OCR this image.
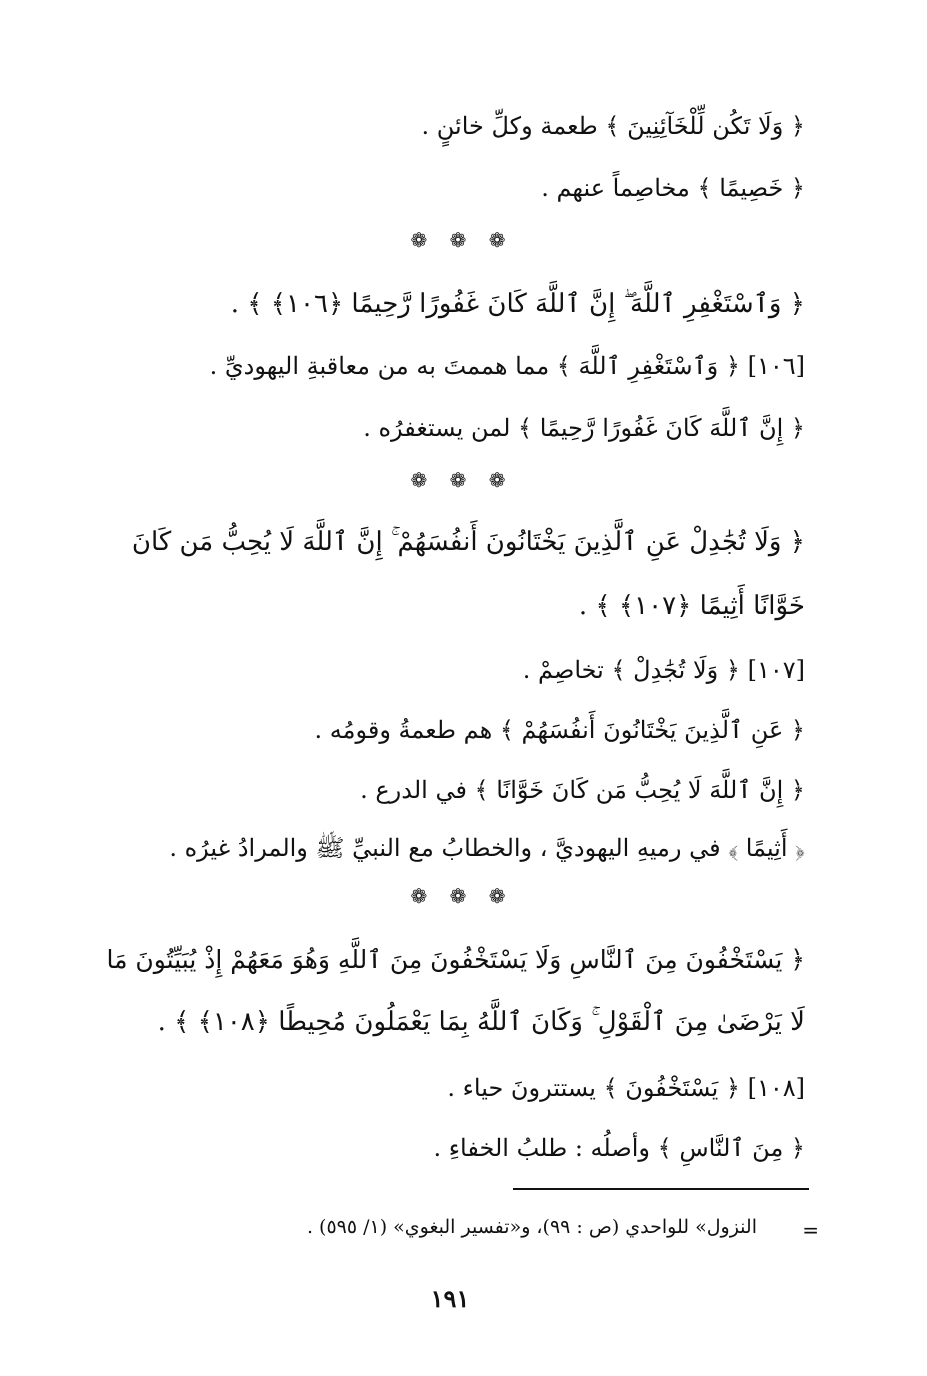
﴿ وَلَا تَكُن لِّلْخَآئِنِينَ ﴾ طعمة وكلِّ خائنٍ .
﴿ خَصِيمًا ﴾ مخاصِماً عنهم .
❁ ❁ ❁
﴿ وَٱسْتَغْفِرِ ٱللَّهَ ۖ إِنَّ ٱللَّهَ كَانَ غَفُورًا رَّحِيمًا ﴿١٠٦﴾ ﴾ .
[١٠٦] ﴿ وَٱسْتَغْفِرِ ٱللَّهَ ﴾ مما هممتَ به من معاقبةِ اليهوديِّ .
﴿ إِنَّ ٱللَّهَ كَانَ غَفُورًا رَّحِيمًا ﴾ لمن يستغفرُه .
❁ ❁ ❁
﴿ وَلَا تُجَٰدِلْ عَنِ ٱلَّذِينَ يَخْتَانُونَ أَنفُسَهُمْ ۚ إِنَّ ٱللَّهَ لَا يُحِبُّ مَن كَانَ
خَوَّانًا أَثِيمًا ﴿١٠٧﴾ ﴾ .
[١٠٧] ﴿ وَلَا تُجَٰدِلْ ﴾ تخاصِمْ .
﴿ عَنِ ٱلَّذِينَ يَخْتَانُونَ أَنفُسَهُمْ ﴾ هم طعمةُ وقومُه .
﴿ إِنَّ ٱللَّهَ لَا يُحِبُّ مَن كَانَ خَوَّانًا ﴾ في الدرع .
﴿ أَثِيمًا ﴾ في رميهِ اليهوديَّ ، والخطابُ مع النبيِّ ﷺ والمرادُ غيرُه .
❁ ❁ ❁
﴿ يَسْتَخْفُونَ مِنَ ٱلنَّاسِ وَلَا يَسْتَخْفُونَ مِنَ ٱللَّهِ وَهُوَ مَعَهُمْ إِذْ يُبَيِّتُونَ مَا
لَا يَرْضَىٰ مِنَ ٱلْقَوْلِ ۚ وَكَانَ ٱللَّهُ بِمَا يَعْمَلُونَ مُحِيطًا ﴿١٠٨﴾ ﴾ .
[١٠٨] ﴿ يَسْتَخْفُونَ ﴾ يستترونَ حياء .
﴿ مِنَ ٱلنَّاسِ ﴾ وأصلُه : طلبُ الخفاءِ .
=
النزول» للواحدي (ص : ٩٩)، و«تفسير البغوي» (١/ ٥٩٥) .
١٩١
